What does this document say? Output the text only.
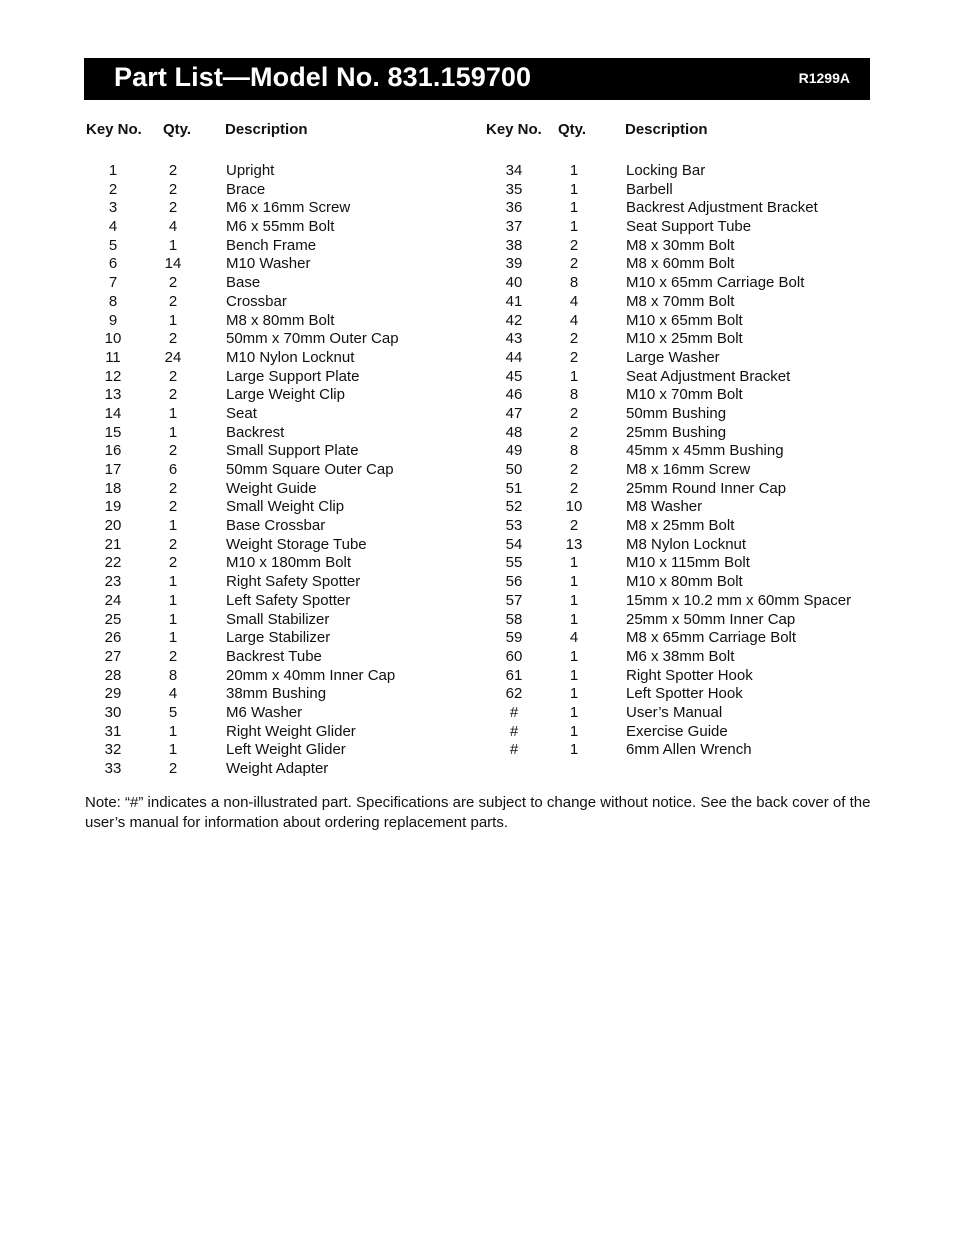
Part List—Model No. 831.159700	R1299A
Key No. Qty. Description
1	2	Upright
2	2	Brace
3	2	M6 x 16mm Screw
4	4	M6 x 55mm Bolt
5	1	Bench Frame
6	14	M10 Washer
7	2	Base
8	2	Crossbar
9	1	M8 x 80mm Bolt
10	2	50mm x 70mm Outer Cap
11	24	M10 Nylon Locknut
12	2	Large Support Plate
13	2	Large Weight Clip
14	1	Seat
15	1	Backrest
16	2	Small Support Plate
17	6	50mm Square Outer Cap
18	2	Weight Guide
19	2	Small Weight Clip
20	1	Base Crossbar
21	2	Weight Storage Tube
22	2	M10 x 180mm Bolt
23	1	Right Safety Spotter
24	1	Left Safety Spotter
25	1	Small Stabilizer
26	1	Large Stabilizer
27	2	Backrest Tube
28	8	20mm x 40mm Inner Cap
29	4	38mm Bushing
30	5	M6 Washer
31	1	Right Weight Glider
32	1	Left Weight Glider
33	2	Weight Adapter
Key No. Qty.	Description
34	1	Locking Bar
35	1	Barbell
36	1	Backrest Adjustment Bracket
37	1	Seat Support Tube
38	2	M8 x 30mm Bolt
39	2	M8 x 60mm Bolt
40	8	M10 x 65mm Carriage Bolt
41	4	M8 x 70mm Bolt
42	4	M10 x 65mm Bolt
43	2	M10 x 25mm Bolt
44	2	Large Washer
45	1	Seat Adjustment Bracket
46	8	M10 x 70mm Bolt
47	2	50mm Bushing
48	2	25mm Bushing
49	8	45mm x 45mm Bushing
50	2	M8 x 16mm Screw
51	2	25mm Round Inner Cap
52	10	M8 Washer
53	2	M8 x 25mm Bolt
54	13	M8 Nylon Locknut
55	1	M10 x 115mm Bolt
56	1	M10 x 80mm Bolt
57	1	15mm x 10.2 mm x 60mm Spacer
58	1	25mm x 50mm Inner Cap
59	4	M8 x 65mm Carriage Bolt
60	1	M6 x 38mm Bolt
61	1	Right Spotter Hook
62	1	Left Spotter Hook
#	1	User’s Manual
#	1	Exercise Guide
#	1	6mm Allen Wrench
Note: “#” indicates a non-illustrated part. Specifications are subject to change without notice. See the back cover of the user’s manual for information about ordering replacement parts.
